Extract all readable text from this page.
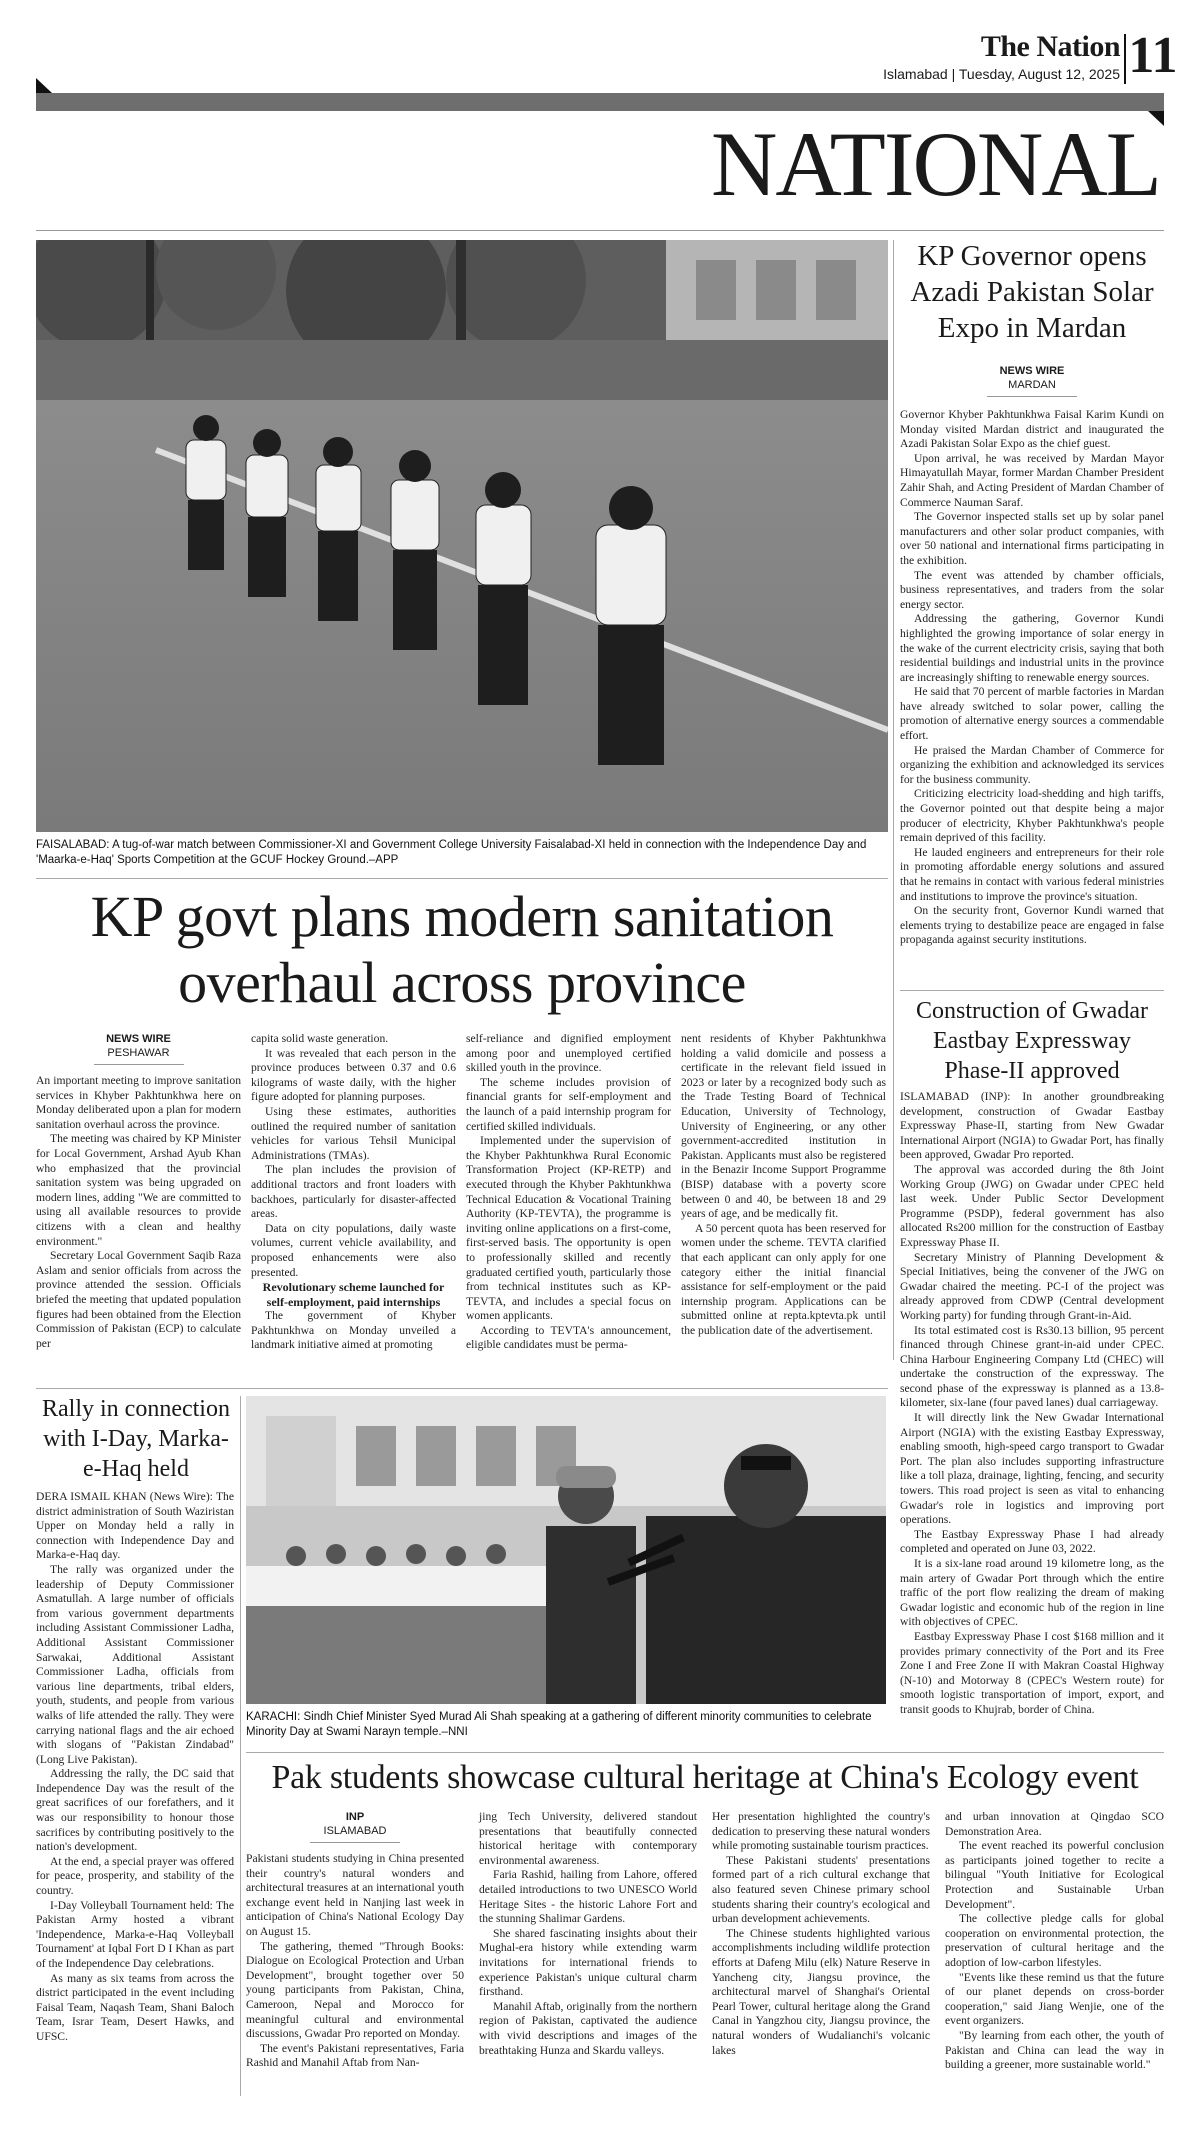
The Nation
Islamabad | Tuesday, August 12, 2025 11
NATIONAL
FAISALABAD: A tug-of-war match between Commissioner-XI and Government College University Faisalabad-XI held in connection with the Independence Day and 'Maarka-e-Haq' Sports Competition at the GCUF Hockey Ground.–APP
KP Governor opens Azadi Pakistan Solar Expo in Mardan
NEWS WIRE
MARDAN

Governor Khyber Pakhtunkhwa Faisal Karim Kundi on Monday visited Mardan district and inaugurated the Azadi Pakistan Solar Expo as the chief guest.

Upon arrival, he was received by Mardan Mayor Himayatullah Mayar, former Mardan Chamber President Zahir Shah, and Acting President of Mardan Chamber of Commerce Nauman Saraf.

The Governor inspected stalls set up by solar panel manufacturers and other solar product companies, with over 50 national and international firms participating in the exhibition.

The event was attended by chamber officials, business representatives, and traders from the solar energy sector.

Addressing the gathering, Governor Kundi highlighted the growing importance of solar energy in the wake of the current electricity crisis, saying that both residential buildings and industrial units in the province are increasingly shifting to renewable energy sources.

He said that 70 percent of marble factories in Mardan have already switched to solar power, calling the promotion of alternative energy sources a commendable effort.

He praised the Mardan Chamber of Commerce for organizing the exhibition and acknowledged its services for the business community.

Criticizing electricity load-shedding and high tariffs, the Governor pointed out that despite being a major producer of electricity, Khyber Pakhtunkhwa's people remain deprived of this facility.

He lauded engineers and entrepreneurs for their role in promoting affordable energy solutions and assured that he remains in contact with various federal ministries and institutions to improve the province's situation.

On the security front, Governor Kundi warned that elements trying to destabilize peace are engaged in false propaganda against security institutions.

Construction of Gwadar Eastbay Expressway Phase-II approved

ISLAMABAD (INP): In another groundbreaking development, construction of Gwadar Eastbay Expressway Phase-II, starting from New Gwadar International Airport (NGIA) to Gwadar Port, has finally been approved, Gwadar Pro reported.

The approval was accorded during the 8th Joint Working Group (JWG) on Gwadar under CPEC held last week. Under Public Sector Development Programme (PSDP), federal government has also allocated Rs200 million for the construction of Eastbay Expressway Phase II.

Secretary Ministry of Planning Development & Special Initiatives, being the convener of the JWG on Gwadar chaired the meeting. PC-I of the project was already approved from CDWP (Central development Working party) for funding through Grant-in-Aid.

Its total estimated cost is Rs30.13 billion, 95 percent financed through Chinese grant-in-aid under CPEC. China Harbour Engineering Company Ltd (CHEC) will undertake the construction of the expressway. The second phase of the expressway is planned as a 13.8-kilometer, six-lane (four paved lanes) dual carriageway.

It will directly link the New Gwadar International Airport (NGIA) with the existing Eastbay Expressway, enabling smooth, high-speed cargo transport to Gwadar Port. The plan also includes supporting infrastructure like a toll plaza, drainage, lighting, fencing, and security towers. This road project is seen as vital to enhancing Gwadar's role in logistics and improving port operations.

The Eastbay Expressway Phase I had already completed and operated on June 03, 2022.

It is a six-lane road around 19 kilometre long, as the main artery of Gwadar Port through which the entire traffic of the port flow realizing the dream of making Gwadar logistic and economic hub of the region in line with objectives of CPEC.

Eastbay Expressway Phase I cost $168 million and it provides primary connectivity of the Port and its Free Zone I and Free Zone II with Makran Coastal Highway (N-10) and Motorway 8 (CPEC's Western route) for smooth logistic transportation of import, export, and transit goods to Khujrab, border of China.

KP govt plans modern sanitation overhaul across province
NEWS WIRE
PESHAWAR

An important meeting to improve sanitation services in Khyber Pakhtunkhwa here on Monday deliberated upon a plan for modern sanitation overhaul across the province.

The meeting was chaired by KP Minister for Local Government, Arshad Ayub Khan who emphasized that the provincial sanitation system was being upgraded on modern lines, adding "We are committed to using all available resources to provide citizens with a clean and healthy environment."

Secretary Local Government Saqib Raza Aslam and senior officials from across the province attended the session. Officials briefed the meeting that updated population figures had been obtained from the Election Commission of Pakistan (ECP) to calculate per

capita solid waste generation.

It was revealed that each person in the province produces between 0.37 and 0.6 kilograms of waste daily, with the higher figure adopted for planning purposes.

Using these estimates, authorities outlined the required number of sanitation vehicles for various Tehsil Municipal Administrations (TMAs).

The plan includes the provision of additional tractors and front loaders with backhoes, particularly for disaster-affected areas.

Data on city populations, daily waste volumes, current vehicle availability, and proposed enhancements were also presented.

Revolutionary scheme launched for self-employment, paid internships

The government of Khyber Pakhtunkhwa on Monday unveiled a landmark initiative aimed at promoting

self-reliance and dignified employment among poor and unemployed certified skilled youth in the province.

The scheme includes provision of financial grants for self-employment and the launch of a paid internship program for certified skilled individuals.

Implemented under the supervision of the Khyber Pakhtunkhwa Rural Economic Transformation Project (KP-RETP) and executed through the Khyber Pakhtunkhwa Technical Education & Vocational Training Authority (KP-TEVTA), the programme is inviting online applications on a first-come, first-served basis. The opportunity is open to professionally skilled and recently graduated certified youth, particularly those from technical institutes such as KP-TEVTA, and includes a special focus on women applicants.

According to TEVTA's announcement, eligible candidates must be perma-

nent residents of Khyber Pakhtunkhwa holding a valid domicile and possess a certificate in the relevant field issued in 2023 or later by a recognized body such as the Trade Testing Board of Technical Education, University of Technology, University of Engineering, or any other government-accredited institution in Pakistan. Applicants must also be registered in the Benazir Income Support Programme (BISP) database with a poverty score between 0 and 40, be between 18 and 29 years of age, and be medically fit.

A 50 percent quota has been reserved for women under the scheme. TEVTA clarified that each applicant can only apply for one category either the initial financial assistance for self-employment or the paid internship program. Applications can be submitted online at repta.kptevta.pk until the publication date of the advertisement.

Rally in connection with I-Day, Marka-e-Haq held

DERA ISMAIL KHAN (News Wire): The district administration of South Waziristan Upper on Monday held a rally in connection with Independence Day and Marka-e-Haq day.

The rally was organized under the leadership of Deputy Commissioner Asmatullah. A large number of officials from various government departments including Assistant Commissioner Ladha, Additional Assistant Commissioner Sarwakai, Additional Assistant Commissioner Ladha, officials from various line departments, tribal elders, youth, students, and people from various walks of life attended the rally. They were carrying national flags and the air echoed with slogans of "Pakistan Zindabad" (Long Live Pakistan).

Addressing the rally, the DC said that Independence Day was the result of the great sacrifices of our forefathers, and it was our responsibility to honour those sacrifices by contributing positively to the nation's development.

At the end, a special prayer was offered for peace, prosperity, and stability of the country.

I-Day Volleyball Tournament held: The Pakistan Army hosted a vibrant 'Independence, Marka-e-Haq Volleyball Tournament' at Iqbal Fort D I Khan as part of the Independence Day celebrations.

As many as six teams from across the district participated in the event including Faisal Team, Naqash Team, Shani Baloch Team, Israr Team, Desert Hawks, and UFSC.

KARACHI: Sindh Chief Minister Syed Murad Ali Shah speaking at a gathering of different minority communities to celebrate Minority Day at Swami Narayn temple.–NNI
Pak students showcase cultural heritage at China's Ecology event
INP
ISLAMABAD

Pakistani students studying in China presented their country's natural wonders and architectural treasures at an international youth exchange event held in Nanjing last week in anticipation of China's National Ecology Day on August 15.

The gathering, themed "Through Books: Dialogue on Ecological Protection and Urban Development", brought together over 50 young participants from Pakistan, China, Cameroon, Nepal and Morocco for meaningful cultural and environmental discussions, Gwadar Pro reported on Monday.

The event's Pakistani representatives, Faria Rashid and Manahil Aftab from Nan-

jing Tech University, delivered standout presentations that beautifully connected historical heritage with contemporary environmental awareness.

Faria Rashid, hailing from Lahore, offered detailed introductions to two UNESCO World Heritage Sites - the historic Lahore Fort and the stunning Shalimar Gardens.

She shared fascinating insights about their Mughal-era history while extending warm invitations for international friends to experience Pakistan's unique cultural charm firsthand.

Manahil Aftab, originally from the northern region of Pakistan, captivated the audience with vivid descriptions and images of the breathtaking Hunza and Skardu valleys.

Her presentation highlighted the country's dedication to preserving these natural wonders while promoting sustainable tourism practices.

These Pakistani students' presentations formed part of a rich cultural exchange that also featured seven Chinese primary school students sharing their country's ecological and urban development achievements.

The Chinese students highlighted various accomplishments including wildlife protection efforts at Dafeng Milu (elk) Nature Reserve in Yancheng city, Jiangsu province, the architectural marvel of Shanghai's Oriental Pearl Tower, cultural heritage along the Grand Canal in Yangzhou city, Jiangsu province, the natural wonders of Wudalianchi's volcanic lakes

and urban innovation at Qingdao SCO Demonstration Area.

The event reached its powerful conclusion as participants joined together to recite a bilingual "Youth Initiative for Ecological Protection and Sustainable Urban Development".

The collective pledge calls for global cooperation on environmental protection, the preservation of cultural heritage and the adoption of low-carbon lifestyles.

"Events like these remind us that the future of our planet depends on cross-border cooperation," said Jiang Wenjie, one of the event organizers.

"By learning from each other, the youth of Pakistan and China can lead the way in building a greener, more sustainable world."
